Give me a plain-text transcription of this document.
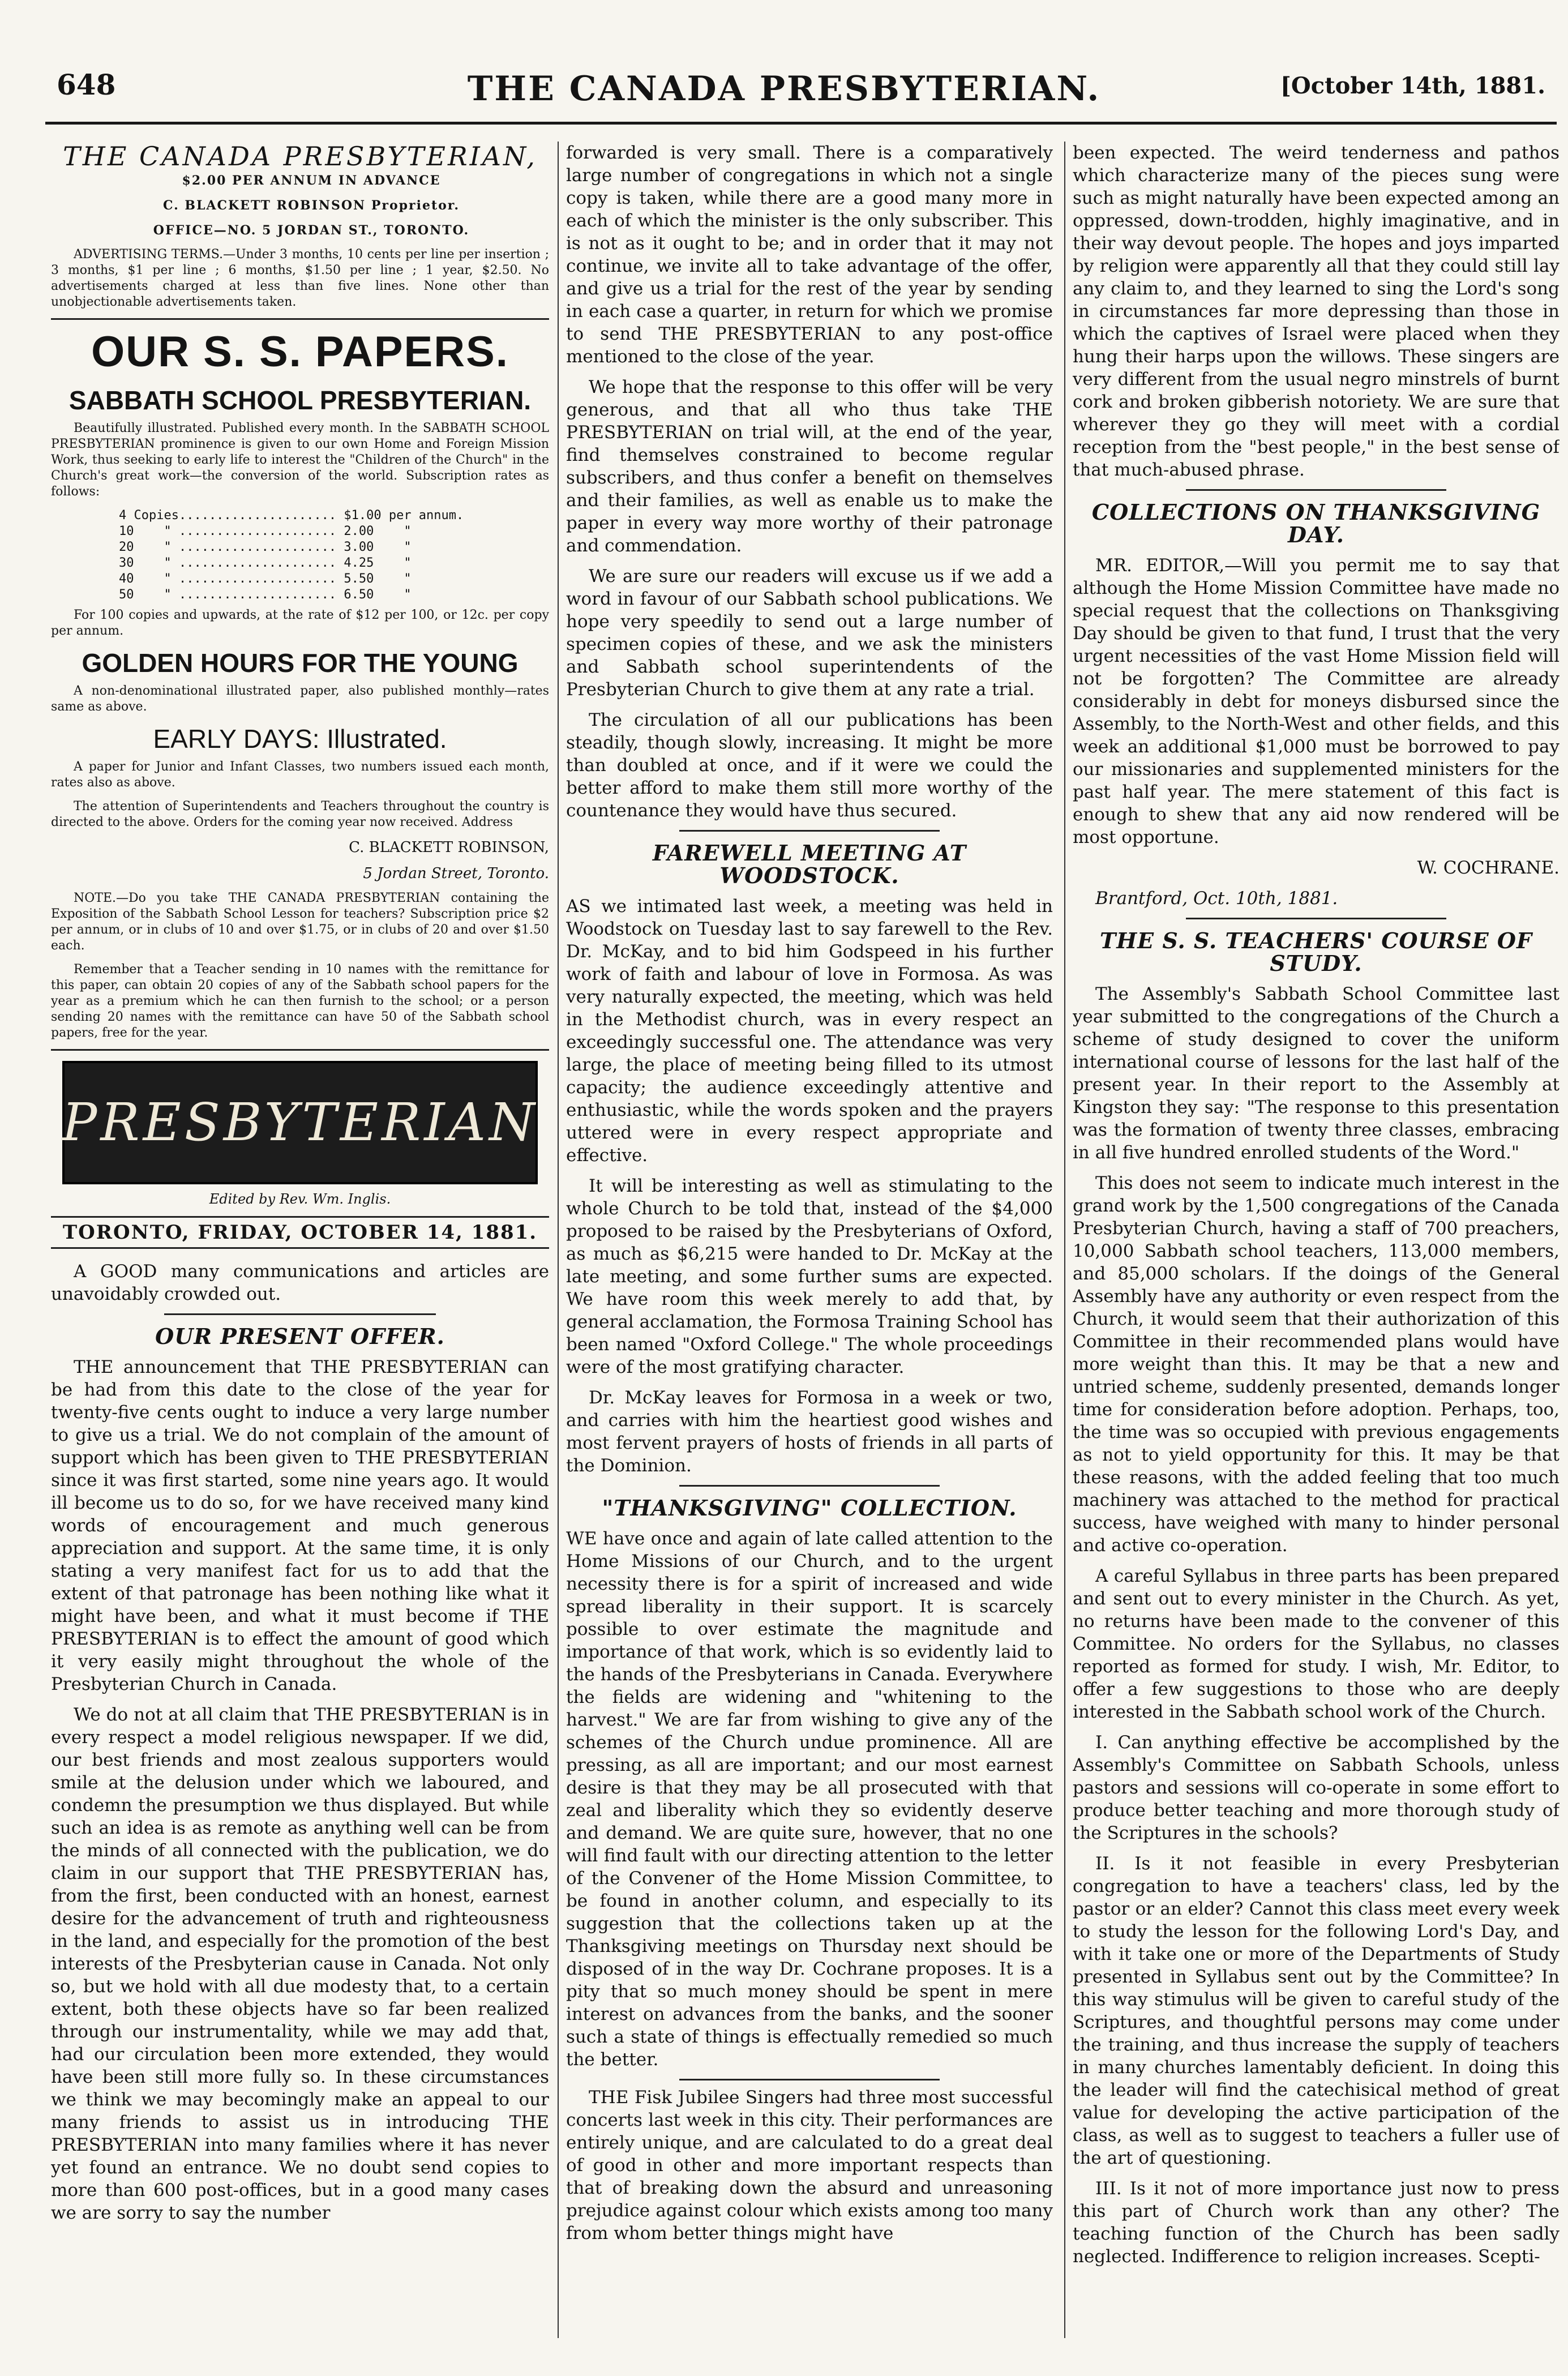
648	THE CANADA PRESBYTERIAN.	[October 14th, 1881.
THE CANADA PRESBYTERIAN,

$2.00 PER ANNUM IN ADVANCE

C. BLACKETT ROBINSON Proprietor.

OFFICE—NO. 5 JORDAN ST., TORONTO.

ADVERTISING TERMS.—Under 3 months, 10 cents per line per insertion ; 3 months, $1 per line ; 6 months, $1.50 per line ; 1 year, $2.50. No advertisements charged at less than five lines. None other than unobjectionable advertisements taken.

OUR S. S. PAPERS.
SABBATH SCHOOL PRESBYTERIAN.

Beautifully illustrated. Published every month. In the SABBATH SCHOOL PRESBYTERIAN prominence is given to our own Home and Foreign Mission Work, thus seeking to early life to interest the "Children of the Church" in the Church's great work—the conversion of the world. Subscription rates as follows:

4 Copies..................... $1.00 per annum.
10    " ..................... 2.00    "
20    " ..................... 3.00    "
30    " ..................... 4.25    "
40    " ..................... 5.50    "
50    " ..................... 6.50    "

For 100 copies and upwards, at the rate of $12 per 100, or 12c. per copy per annum.

GOLDEN HOURS FOR THE YOUNG

A non-denominational illustrated paper, also published monthly—rates same as above.

EARLY DAYS: Illustrated.

A paper for Junior and Infant Classes, two numbers issued each month, rates also as above.

The attention of Superintendents and Teachers throughout the country is directed to the above. Orders for the coming year now received. Address

C. BLACKETT ROBINSON,

5 Jordan Street, Toronto.

NOTE.—Do you take THE CANADA PRESBYTERIAN containing the Exposition of the Sabbath School Lesson for teachers? Subscription price $2 per annum, or in clubs of 10 and over $1.75, or in clubs of 20 and over $1.50 each.

Remember that a Teacher sending in 10 names with the remittance for this paper, can obtain 20 copies of any of the Sabbath school papers for the year as a premium which he can then furnish to the school; or a person sending 20 names with the remittance can have 50 of the Sabbath school papers, free for the year.

PRESBYTERIAN
Edited by Rev. Wm. Inglis.
TORONTO, FRIDAY, OCTOBER 14, 1881.

A GOOD many communications and articles are unavoidably crowded out.

OUR PRESENT OFFER.

THE announcement that THE PRESBYTERIAN can be had from this date to the close of the year for twenty-five cents ought to induce a very large number to give us a trial. We do not complain of the amount of support which has been given to THE PRESBYTERIAN since it was first started, some nine years ago. It would ill become us to do so, for we have received many kind words of encouragement and much generous appreciation and support. At the same time, it is only stating a very manifest fact for us to add that the extent of that patronage has been nothing like what it might have been, and what it must become if THE PRESBYTERIAN is to effect the amount of good which it very easily might throughout the whole of the Presbyterian Church in Canada.

We do not at all claim that THE PRESBYTERIAN is in every respect a model religious newspaper. If we did, our best friends and most zealous supporters would smile at the delusion under which we laboured, and condemn the presumption we thus displayed. But while such an idea is as remote as anything well can be from the minds of all connected with the publication, we do claim in our support that THE PRESBYTERIAN has, from the first, been conducted with an honest, earnest desire for the advancement of truth and righteousness in the land, and especially for the promotion of the best interests of the Presbyterian cause in Canada. Not only so, but we hold with all due modesty that, to a certain extent, both these objects have so far been realized through our instrumentality, while we may add that, had our circulation been more extended, they would have been still more fully so. In these circumstances we think we may becomingly make an appeal to our many friends to assist us in introducing THE PRESBYTERIAN into many families where it has never yet found an entrance. We no doubt send copies to more than 600 post-offices, but in a good many cases we are sorry to say the number

forwarded is very small. There is a comparatively large number of congregations in which not a single copy is taken, while there are a good many more in each of which the minister is the only subscriber. This is not as it ought to be; and in order that it may not continue, we invite all to take advantage of the offer, and give us a trial for the rest of the year by sending in each case a quarter, in return for which we promise to send THE PRESBYTERIAN to any post-office mentioned to the close of the year.

We hope that the response to this offer will be very generous, and that all who thus take THE PRESBYTERIAN on trial will, at the end of the year, find themselves constrained to become regular subscribers, and thus confer a benefit on themselves and their families, as well as enable us to make the paper in every way more worthy of their patronage and commendation.

We are sure our readers will excuse us if we add a word in favour of our Sabbath school publications. We hope very speedily to send out a large number of specimen copies of these, and we ask the ministers and Sabbath school superintendents of the Presbyterian Church to give them at any rate a trial.

The circulation of all our publications has been steadily, though slowly, increasing. It might be more than doubled at once, and if it were we could the better afford to make them still more worthy of the countenance they would have thus secured.

FAREWELL MEETING AT WOODSTOCK.

AS we intimated last week, a meeting was held in Woodstock on Tuesday last to say farewell to the Rev. Dr. McKay, and to bid him Godspeed in his further work of faith and labour of love in Formosa. As was very naturally expected, the meeting, which was held in the Methodist church, was in every respect an exceedingly successful one. The attendance was very large, the place of meeting being filled to its utmost capacity; the audience exceedingly attentive and enthusiastic, while the words spoken and the prayers uttered were in every respect appropriate and effective.

It will be interesting as well as stimulating to the whole Church to be told that, instead of the $4,000 proposed to be raised by the Presbyterians of Oxford, as much as $6,215 were handed to Dr. McKay at the late meeting, and some further sums are expected. We have room this week merely to add that, by general acclamation, the Formosa Training School has been named "Oxford College." The whole proceedings were of the most gratifying character.

Dr. McKay leaves for Formosa in a week or two, and carries with him the heartiest good wishes and most fervent prayers of hosts of friends in all parts of the Dominion.

"THANKSGIVING" COLLECTION.

WE have once and again of late called attention to the Home Missions of our Church, and to the urgent necessity there is for a spirit of increased and wide spread liberality in their support. It is scarcely possible to over estimate the magnitude and importance of that work, which is so evidently laid to the hands of the Presbyterians in Canada. Everywhere the fields are widening and "whitening to the harvest." We are far from wishing to give any of the schemes of the Church undue prominence. All are pressing, as all are important; and our most earnest desire is that they may be all prosecuted with that zeal and liberality which they so evidently deserve and demand. We are quite sure, however, that no one will find fault with our directing attention to the letter of the Convener of the Home Mission Committee, to be found in another column, and especially to its suggestion that the collections taken up at the Thanksgiving meetings on Thursday next should be disposed of in the way Dr. Cochrane proposes. It is a pity that so much money should be spent in mere interest on advances from the banks, and the sooner such a state of things is effectually remedied so much the better.

THE Fisk Jubilee Singers had three most successful concerts last week in this city. Their performances are entirely unique, and are calculated to do a great deal of good in other and more important respects than that of breaking down the absurd and unreasoning prejudice against colour which exists among too many from whom better things might have

been expected. The weird tenderness and pathos which characterize many of the pieces sung were such as might naturally have been expected among an oppressed, down-trodden, highly imaginative, and in their way devout people. The hopes and joys imparted by religion were apparently all that they could still lay any claim to, and they learned to sing the Lord's song in circumstances far more depressing than those in which the captives of Israel were placed when they hung their harps upon the willows. These singers are very different from the usual negro minstrels of burnt cork and broken gibberish notoriety. We are sure that wherever they go they will meet with a cordial reception from the "best people," in the best sense of that much-abused phrase.

COLLECTIONS ON THANKSGIVING DAY.

MR. EDITOR,—Will you permit me to say that although the Home Mission Committee have made no special request that the collections on Thanksgiving Day should be given to that fund, I trust that the very urgent necessities of the vast Home Mission field will not be forgotten? The Committee are already considerably in debt for moneys disbursed since the Assembly, to the North-West and other fields, and this week an additional $1,000 must be borrowed to pay our missionaries and supplemented ministers for the past half year. The mere statement of this fact is enough to shew that any aid now rendered will be most opportune.

W. COCHRANE.

Brantford, Oct. 10th, 1881.

THE S. S. TEACHERS' COURSE OF STUDY.

The Assembly's Sabbath School Committee last year submitted to the congregations of the Church a scheme of study designed to cover the uniform international course of lessons for the last half of the present year. In their report to the Assembly at Kingston they say: "The response to this presentation was the formation of twenty three classes, embracing in all five hundred enrolled students of the Word."

This does not seem to indicate much interest in the grand work by the 1,500 congregations of the Canada Presbyterian Church, having a staff of 700 preachers, 10,000 Sabbath school teachers, 113,000 members, and 85,000 scholars. If the doings of the General Assembly have any authority or even respect from the Church, it would seem that their authorization of this Committee in their recommended plans would have more weight than this. It may be that a new and untried scheme, suddenly presented, demands longer time for consideration before adoption. Perhaps, too, the time was so occupied with previous engagements as not to yield opportunity for this. It may be that these reasons, with the added feeling that too much machinery was attached to the method for practical success, have weighed with many to hinder personal and active co-operation.

A careful Syllabus in three parts has been prepared and sent out to every minister in the Church. As yet, no returns have been made to the convener of this Committee. No orders for the Syllabus, no classes reported as formed for study. I wish, Mr. Editor, to offer a few suggestions to those who are deeply interested in the Sabbath school work of the Church.

I. Can anything effective be accomplished by the Assembly's Committee on Sabbath Schools, unless pastors and sessions will co-operate in some effort to produce better teaching and more thorough study of the Scriptures in the schools?

II. Is it not feasible in every Presbyterian congregation to have a teachers' class, led by the pastor or an elder? Cannot this class meet every week to study the lesson for the following Lord's Day, and with it take one or more of the Departments of Study presented in Syllabus sent out by the Committee? In this way stimulus will be given to careful study of the Scriptures, and thoughtful persons may come under the training, and thus increase the supply of teachers in many churches lamentably deficient. In doing this the leader will find the catechisical method of great value for developing the active participation of the class, as well as to suggest to teachers a fuller use of the art of questioning.

III. Is it not of more importance just now to press this part of Church work than any other? The teaching function of the Church has been sadly neglected. Indifference to religion increases. Scepti-
